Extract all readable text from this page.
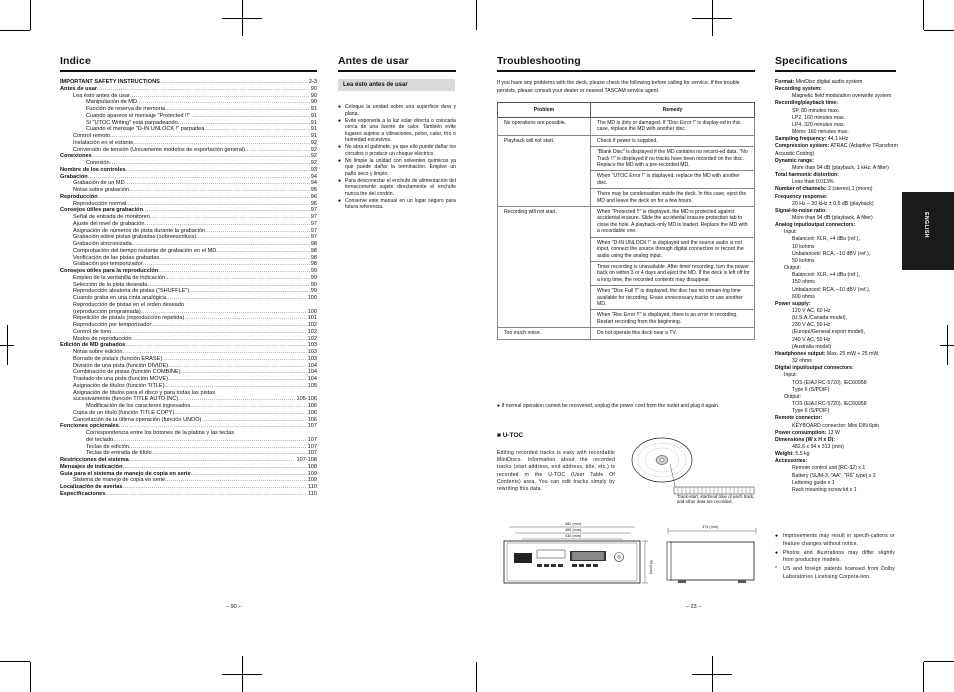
Indice	Antes de usar	Troubleshooting	Specifications
IMPORTANT SAFETY INSTRUCTIONS .....	2-3
Antes de usar .....	90
Lea ésto antes de usar .....	90
Manipulación de MD .....	90
Función de reserva de memoria .....	91
Cuando aparece el mensaje "Protected !!" .....	91
Si "UTOC Writing" está parpadeando .....	91
Cuando el mensaje "D-IN UNLOCK !" parpadea .....	91
Control remoto .....	91
Instalación en el estante .....	92
Conversión de tensión (Unicamente modelos de exportación general) .....	92
Conexiones .....	92
Conexión .....	92
Nombre de los controles .....	93
Grabación .....	94
Grabación de un MD .....	94
Notas sobre grabación .....	95
Reproducción .....	96
Reproducción normal .....	96
Consejos útiles para grabación .....	97
Señal de entrada de monitoreo .....	97
Ajuste del nivel de grabación .....	97
Asignación de números de pista durante la grabación .....	97
Grabación sobre pistas grabadas (sobreescritura) .....	97
Grabación sincronizada .....	98
Comprobación del tiempo restante de grabación en el MD .....	98
Verificación de las pistas grabadas .....	98
Grabación por temporizador .....	98
Consejos útiles para la reproducción .....	99
Empleo de la ventanilla de indicación .....	99
Selección de la pista deseada .....	99
Reproducción aleatoria de pistas ("SHUFFLE") .....	99
Cuando graba en una cinta analógica .....	100
Reproducción de pistas en el orden deseado
(reproducción programada) .....	100
Repetición de pista/s (reproducción repetida) .....	101
Reproducción por temporizador .....	102
Control de tono .....	102
Modos de reproducción .....	102
Edición de MD grabados .....	103
Notas sobre edición .....	103
Borrado de pista/s (función ERASE) .....	103
División de una pista (función DIVIDE) .....	104
Combinación de pistas (función COMBINE) .....	104
Traslado de una pista (función MOVE) .....	104
Asignación de títulos (función TITLE) .....	105
Asignación de títulos para el disco y para todas las pistas
sucesivamente (función TITLE AUTO INC) .....	105-106
Modificación de los caracteres ingresados .....	106
Copia de un título (función TITLE COPY) .....	106
Cancelación de la última operación (función UNDO) .....	106
Fonciones opcionales .....	107
Correspondencia entre los botones de la platina y las teclas
del teclado .....	107
Teclas de edición .....	107
Teclas de entrada de título .....	107
Restricciones del sistema .....	107-108
Mensajes de indicación .....	108
Guía para el sistema de manejo de copia en serie .....	109
Sistema de manejo de copia en serie .....	109
Localización de averías .....	110
Especificaciones .....	110
Lea ésto antes de usar
● Coloque la unidad sobre una superficie dura y plana.
● Evite exponerla a la luz solar directa o colocarla cerca de una fuente de calor. También evite lugares sujetos a vibraciones, polvo, calor, frío o humedad excesivos.
● No abra el gabinete, ya que ello puede dañar los circuitos o producir un choque eléctrico.
● No limpie la unidad con solventes químicos ya que puede dañar la terminación. Emplee un paño seco y limpio.
● Para desconectar el enchufe de alimentación del tomacorriente sujete directamente el enchufe nunca tire del cordón.
● Conserve este manual en un lugar seguro para futura referencia.
If you have any problems with the deck, please check the following before calling for service. If the trouble persists, please consult your dealer or nearest TASCAM service agent.
Problem	Remedy
No operations are possible.	The MD is dirty or damaged. If "Disc Error !" is display-ed in this case, replace the MD with another disc.
Playback will not start.	Check if power is supplied.
	"Blank Disc" is displayed if the MD contains no record-ed data. "No Track !!" is displayed if no tracks have been recorded on the disc. Replace the MD with a pre-recorded MD.
	When "UTOC Error !" is displayed, replace the MD with another disc.
	There may be condensation inside the deck. In this case, eject the MD and leave the deck on for a few hours.
Recording will not start.	When "Protected !!" is displayed, the MD is protected against accidental erasure. Slide the accidental erasure protection tab to close the hole. A playback-only MD is loaded. Replace the MD with a recordable one.
	When "D-IN UNLOCK !" is displayed and the source audio is not input, connect the source through digital connection or record the audio using the analog input.
	Timer recording is unavailable. After timer recording, turn the power back on within 3 or 4 days and eject the MD. If the deck is left off for a long time, the recorded contents may disappear.
	When "Disc Full !!" is displayed, the disc has no remain-ing time available for recording. Erase unnecessary tracks or use another MD.
	When "Rec Error !!" is displayed, there is an error in recording. Restart recording from the beginning.
Too much noise.	Do not operate this deck near a TV.
● If normal operation cannot be recovered, unplug the power cord from the outlet and plug it again.
■ U-TOC
Editing recorded tracks is easy with recordable MiniDiscs. Information about the recorded tracks (start address, end address, title, etc.) is recorded in the U-TOC (User Table Of Contents) area. You can edit tracks simply by rewriting this data.
Track-start, start/end time of each track, and other data are recorded.
482 (mm)
466 (mm)
430 (mm)
95 (mm)
374 (mm)
Format: MiniDisc digital audio system
Recording system:
Magnetic field modulation overwrite system
Recording/playback time:
SP, 80 minutes max.
LP2, 160 minutes max.
LP4, 320 minutes max.
Mono: 160 minutes max.
Sampling frequency: 44.1 kHz
Compression system: ATRAC (Adaptive TRansform Acoustic Coding)
Dynamic range:
More than 94 dB (playback, 1 kHz, A filter)
Total harmonic distortion:
Less than 0.013%
Number of channels: 2 (stereo),1 (mono)
Frequency response:
20 Hz – 20 kHz ± 0.5 dB (playback)
Signal-to-noise ratio:
More than 94 dB (playback, A filter)
Analog input/output connectors:
Input:
Balanced: XLR, +4 dBu (ref.),
10 kohms
Unbalanced: RCA, –10 dBV (ref.),
50 kohms
Output:
Balanced: XLR, +4 dBu (ref.),
150 ohms
Unbalanced: RCA, –10 dBV (ref.),
600 ohms
Power supply:
120 V AC, 60 Hz
(U.S.A./Canada model),
230 V AC, 50 Hz
(Europe/General export model),
240 V AC, 50 Hz
(Australia model)
Headphones output: Max. 25 mW + 25 mW,
32 ohms
Digital input/output connectors:
Input:
TOS (EIAJ RC-5720), IEC60958
Type II (S/PDIF)
Output:
TOS (EIAJ RC-5720), IEC60958
Type II (S/PDIF)
Remote connector:
KEYBOARD connector: Mini DIN 6pin
Power consumption: 13 W
Dimensions (W x H x D):
482.6 x 94 x 313 (mm)
Weight: 5.5 kg
Accessories:
Remote control unit (RC-32) x 1
Battery (SUM-3, "AA", "R6" type) x 2
Lettering guide x 1
Rack mounting screw kit x 1
● Improvements may result in specifi-cations or feature changes without notice.
● Photos and illustrations may differ slightly from production models.
*	US and foreign patents licensed from Dolby Laboratories Licensing Corpora-tion.
ENGLISH
– 90 –	– 23 –
